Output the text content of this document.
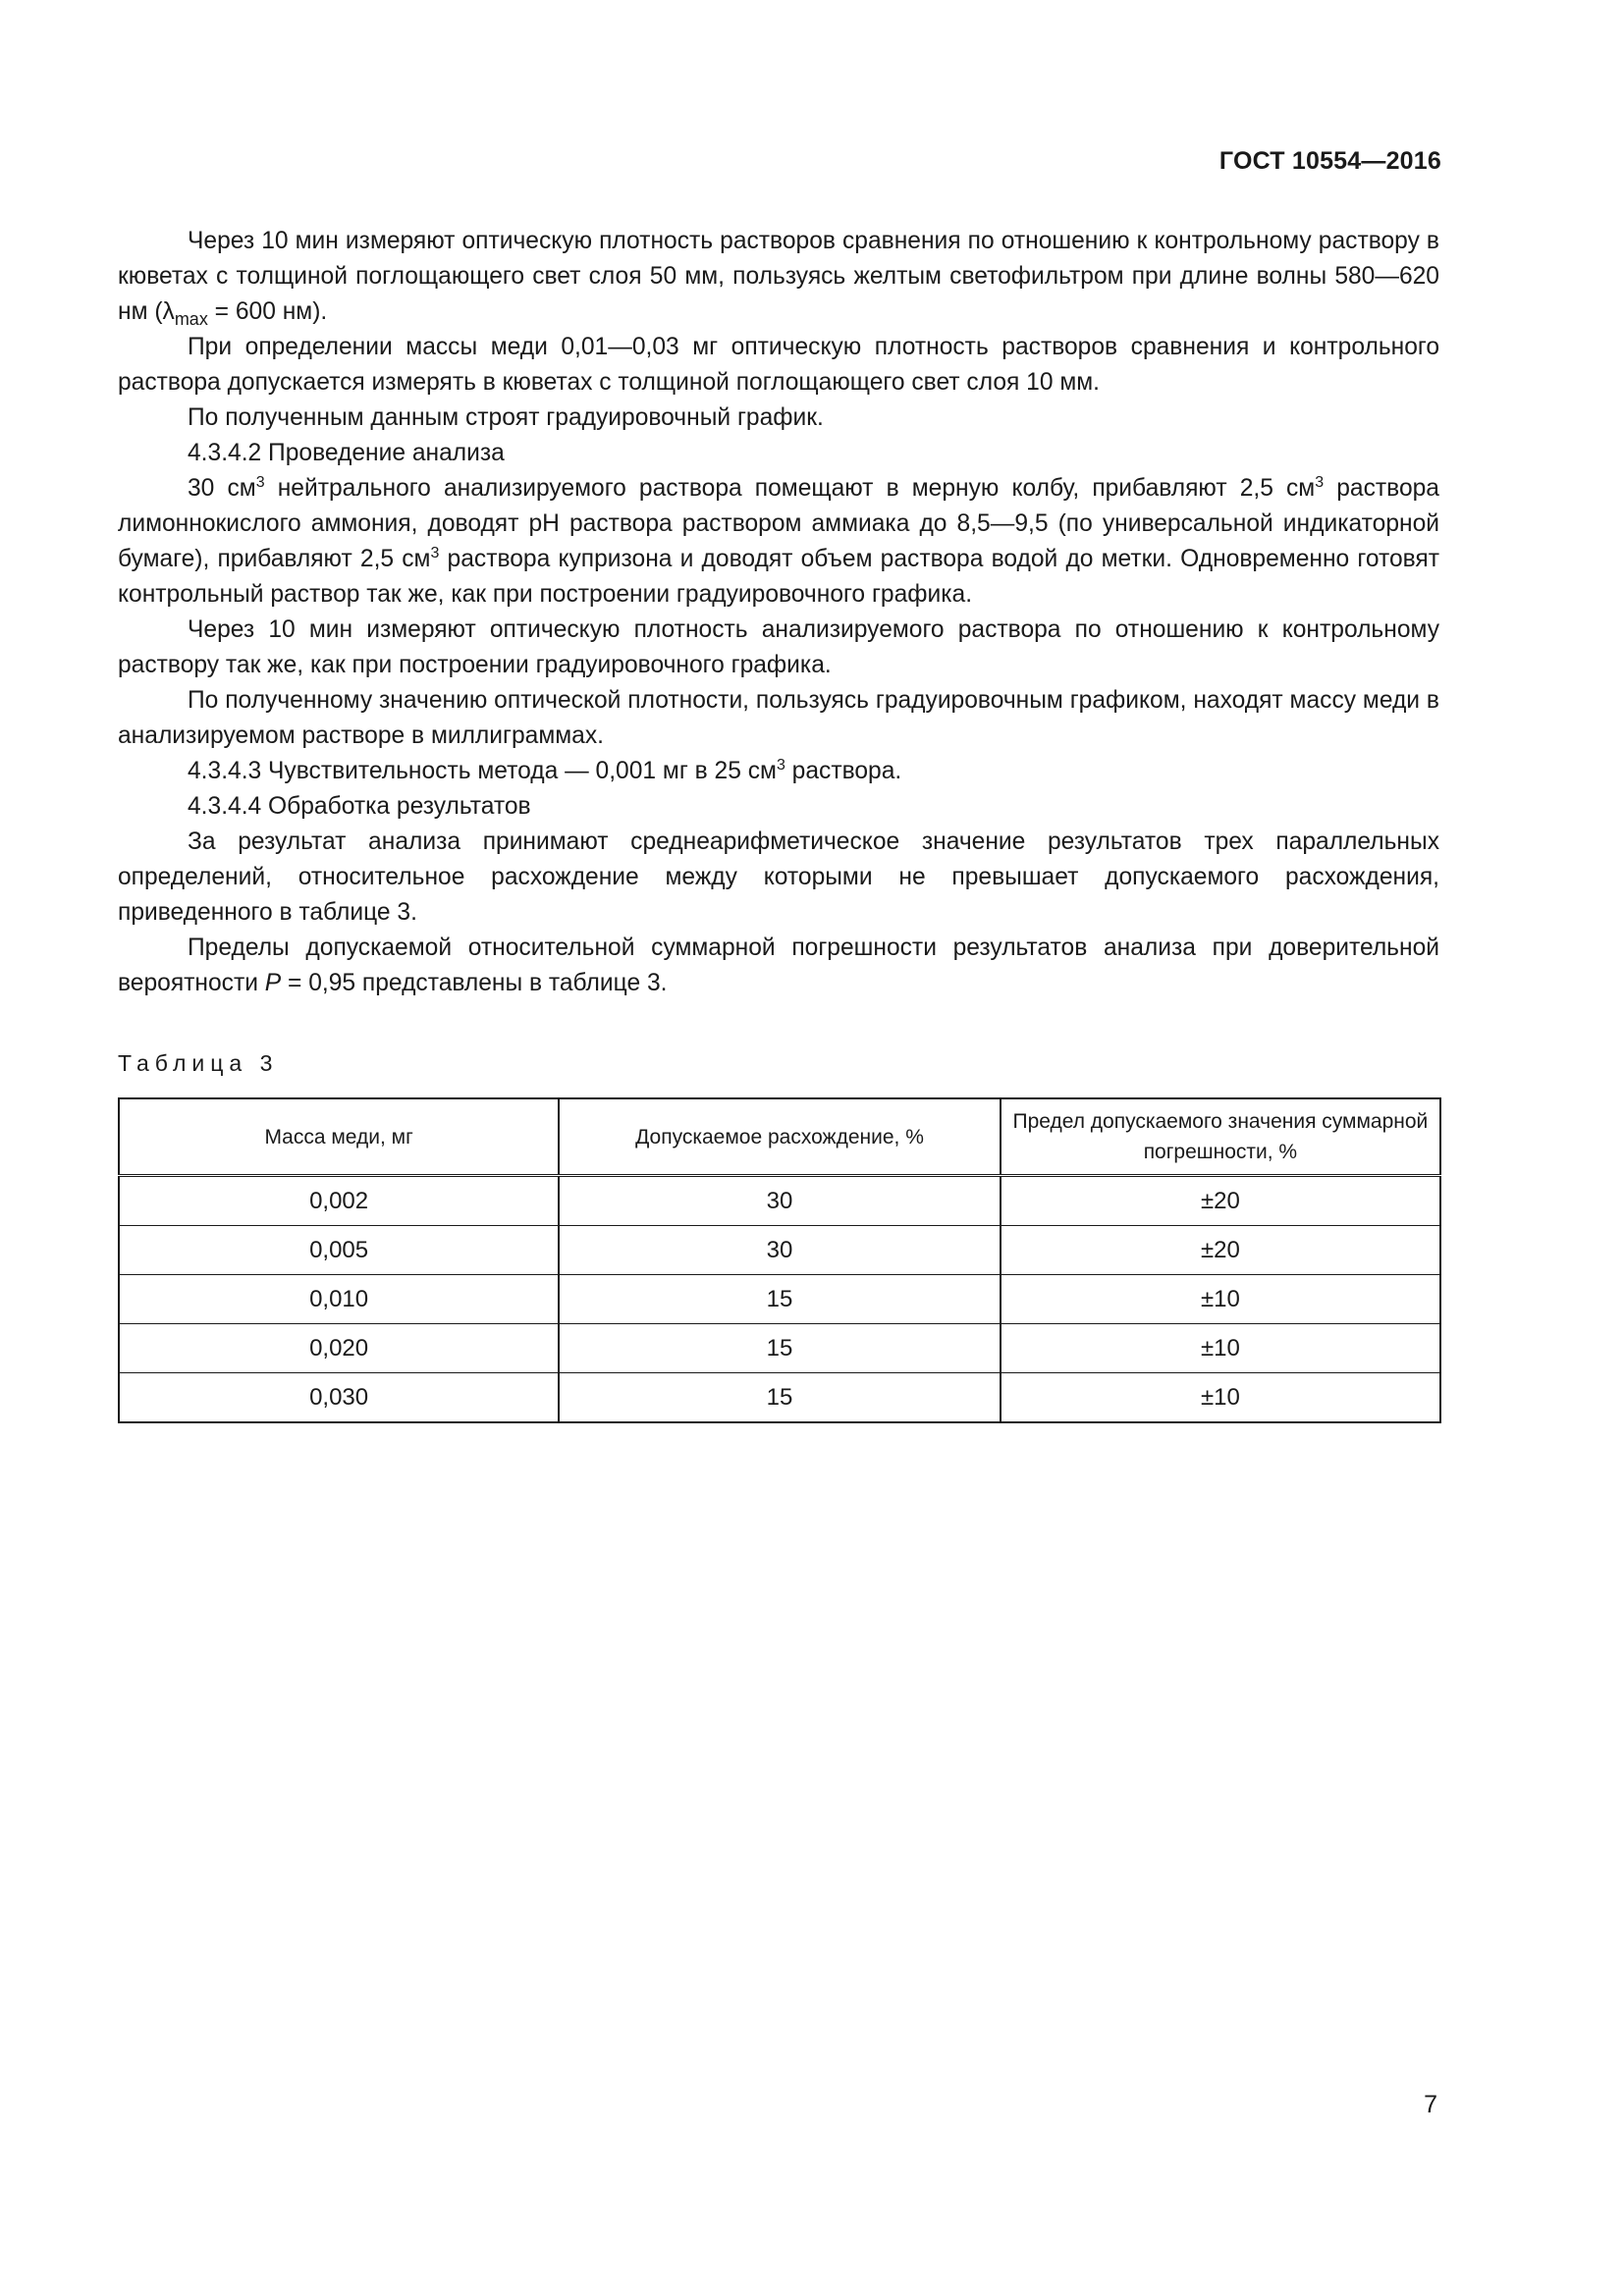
ГОСТ 10554—2016

Через 10 мин измеряют оптическую плотность растворов сравнения по отношению к контрольному раствору в кюветах с толщиной поглощающего свет слоя 50 мм, пользуясь желтым светофильтром при длине волны 580—620 нм ($\lambda_{max} = 600$ нм).

При определении массы меди 0,01—0,03 мг оптическую плотность растворов сравнения и контрольного раствора допускается измерять в кюветах с толщиной поглощающего свет слоя 10 мм.

По полученным данным строят градуировочный график.

4.3.4.2 Проведение анализа

30 $см^3$ нейтрального анализируемого раствора помещают в мерную колбу, прибавляют 2,5 $см^3$ раствора лимоннокислого аммония, доводят рН раствора раствором аммиака до 8,5—9,5 (по универсальной индикаторной бумаге), прибавляют 2,5 $см^3$ раствора купризона и доводят объем раствора водой до метки. Одновременно готовят контрольный раствор так же, как при построении градуировочного графика.

Через 10 мин измеряют оптическую плотность анализируемого раствора по отношению к контрольному раствору так же, как при построении градуировочного графика.

По полученному значению оптической плотности, пользуясь градуировочным графиком, находят массу меди в анализируемом растворе в миллиграммах.

4.3.4.3 Чувствительность метода — 0,001 мг в 25 $см^3$ раствора.

4.3.4.4 Обработка результатов

За результат анализа принимают среднеарифметическое значение результатов трех параллельных определений, относительное расхождение между которыми не превышает допускаемого расхождения, приведенного в таблице 3.

Пределы допускаемой относительной суммарной погрешности результатов анализа при доверительной вероятности Р = 0,95 представлены в таблице 3.

Таблица 3
Масса меди, мг	Допускаемое расхождение, %	Предел допускаемого значения суммарной погрешности, %
0,002	30	±20
0,005	30	±20
0,010	15	±10
0,020	15	±10
0,030	15	±10
7
